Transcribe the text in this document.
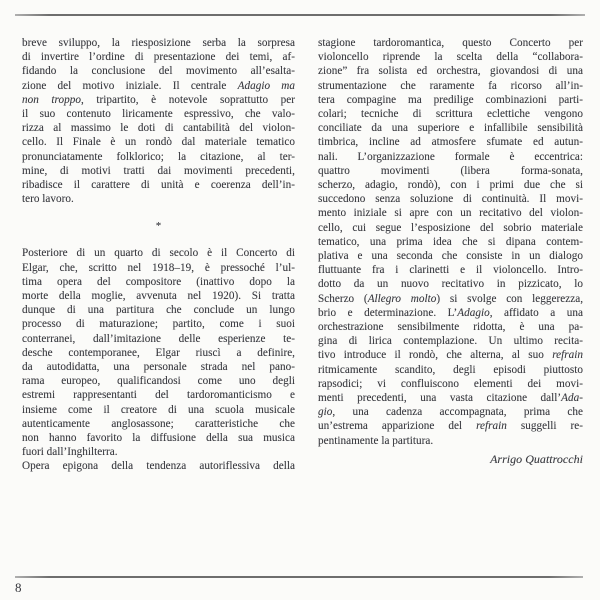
breve sviluppo, la riesposizione serba la sorpresa
di invertire l’ordine di presentazione dei temi, af-
fidando la conclusione del movimento all’esalta-
zione del motivo iniziale. Il centrale Adagio ma
non troppo, tripartito, è notevole soprattutto per
il suo contenuto liricamente espressivo, che valo-
rizza al massimo le doti di cantabilità del violon-
cello. Il Finale è un rondò dal materiale tematico
pronunciatamente folklorico; la citazione, al ter-
mine, di motivi tratti dai movimenti precedenti,
ribadisce il carattere di unità e coerenza dell’in-
tero lavoro.
*
Posteriore di un quarto di secolo è il Concerto di
Elgar, che, scritto nel 1918–19, è pressoché l’ul-
tima opera del compositore (inattivo dopo la
morte della moglie, avvenuta nel 1920). Si tratta
dunque di una partitura che conclude un lungo
processo di maturazione; partito, come i suoi
conterranei, dall’imitazione delle esperienze te-
desche contemporanee, Elgar riuscì a definire,
da autodidatta, una personale strada nel pano-
rama europeo, qualificandosi come uno degli
estremi rappresentanti del tardoromanticismo e
insieme come il creatore di una scuola musicale
autenticamente anglosassone; caratteristiche che
non hanno favorito la diffusione della sua musica
fuori dall’Inghilterra.
Opera epigona della tendenza autoriflessiva della
stagione tardoromantica, questo Concerto per
violoncello riprende la scelta della “collabora-
zione” fra solista ed orchestra, giovandosi di una
strumentazione che raramente fa ricorso all’in-
tera compagine ma predilige combinazioni parti-
colari; tecniche di scrittura eclettiche vengono
conciliate da una superiore e infallibile sensibilità
timbrica, incline ad atmosfere sfumate ed autun-
nali. L’organizzazione formale è eccentrica:
quattro movimenti (libera forma-sonata,
scherzo, adagio, rondò), con i primi due che si
succedono senza soluzione di continuità. Il movi-
mento iniziale si apre con un recitativo del violon-
cello, cui segue l’esposizione del sobrio materiale
tematico, una prima idea che si dipana contem-
plativa e una seconda che consiste in un dialogo
fluttuante fra i clarinetti e il violoncello. Intro-
dotto da un nuovo recitativo in pizzicato, lo
Scherzo (Allegro molto) si svolge con leggerezza,
brio e determinazione. L’Adagio, affidato a una
orchestrazione sensibilmente ridotta, è una pa-
gina di lirica contemplazione. Un ultimo recita-
tivo introduce il rondò, che alterna, al suo refrain
ritmicamente scandito, degli episodi piuttosto
rapsodici; vi confluiscono elementi dei movi-
menti precedenti, una vasta citazione dall’Ada-
gio, una cadenza accompagnata, prima che
un’estrema apparizione del refrain suggelli re-
pentinamente la partitura.
Arrigo Quattrocchi
8
